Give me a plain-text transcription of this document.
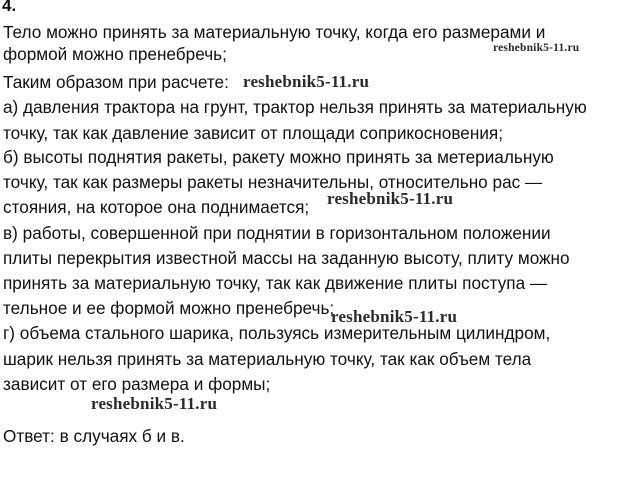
4.
Тело можно принять за материальную точку, когда его размерами и
формой можно пренебречь;
Таким образом при расчете:
а) давления трактора на грунт, трактор нельзя принять за материальную
точку, так как давление зависит от площади соприкосновения;
б) высоты поднятия ракеты, ракету можно принять за метериальную
точку, так как размеры ракеты незначительны, относительно рас —
стояния, на которое она поднимается;
в) работы, совершенной при поднятии в горизонтальном положении
плиты перекрытия известной массы на заданную высоту, плиту можно
принять за материальную точку, так как движение плиты поступа —
тельное и ее формой можно пренебречь;
г) объема стального шарика, пользуясь измерительным цилиндром,
шарик нельзя принять за материальную точку, так как объем тела
зависит от его размера и формы;
Ответ: в случаях б и в.
reshebnik5-11.ru
reshebnik5-11.ru
reshebnik5-11.ru
reshebnik5-11.ru
reshebnik5-11.ru
